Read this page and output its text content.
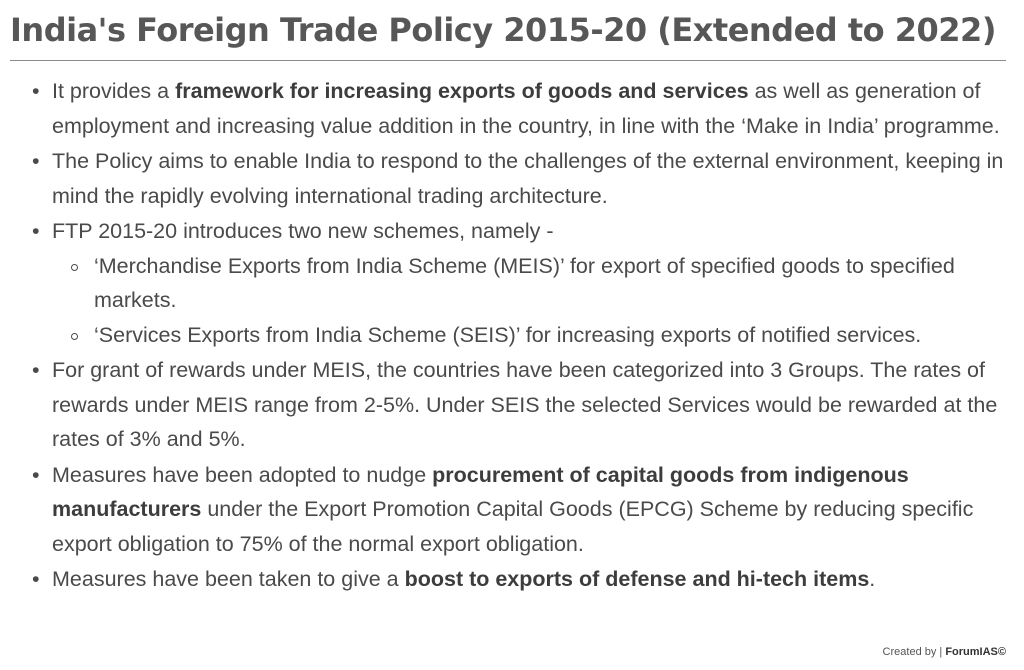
India's Foreign Trade Policy 2015-20 (Extended to 2022)
• It provides a framework for increasing exports of goods and services as well as generation of employment and increasing value addition in the country, in line with the ‘Make in India’ programme.
• The Policy aims to enable India to respond to the challenges of the external environment, keeping in mind the rapidly evolving international trading architecture.
• FTP 2015-20 introduces two new schemes, namely -
‘Merchandise Exports from India Scheme (MEIS)’ for export of specified goods to specified markets.
‘Services Exports from India Scheme (SEIS)’ for increasing exports of notified services.
• For grant of rewards under MEIS, the countries have been categorized into 3 Groups. The rates of rewards under MEIS range from 2-5%. Under SEIS the selected Services would be rewarded at the rates of 3% and 5%.
• Measures have been adopted to nudge procurement of capital goods from indigenous manufacturers under the Export Promotion Capital Goods (EPCG) Scheme by reducing specific export obligation to 75% of the normal export obligation.
• Measures have been taken to give a boost to exports of defense and hi-tech items.
Created by | ForumIAS©
